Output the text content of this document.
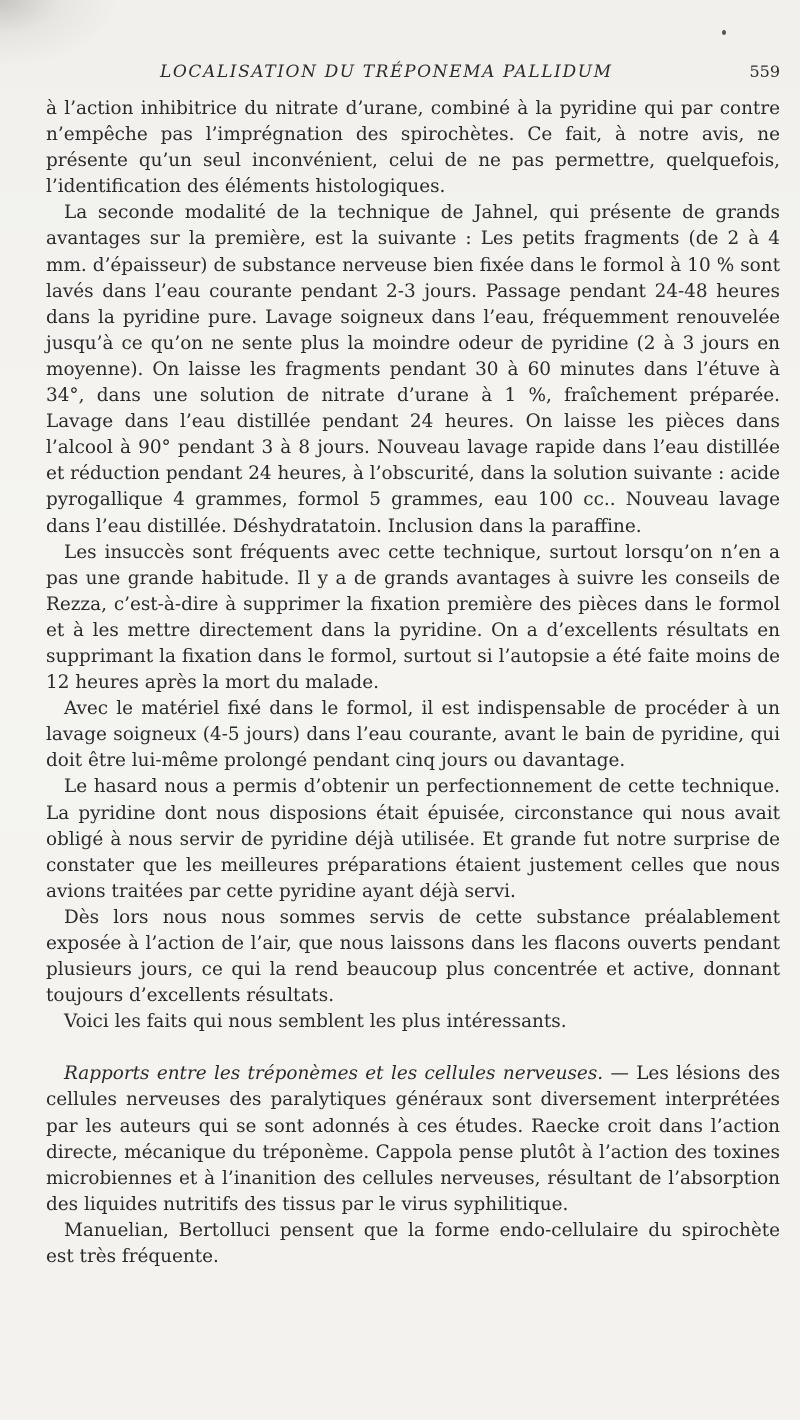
LOCALISATION DU TRÉPONEMA PALLIDUM	559

à l’action inhibitrice du nitrate d’urane, combiné à la pyridine qui par contre n’empêche pas l’imprégnation des spirochètes. Ce fait, à notre avis, ne présente qu’un seul inconvénient, celui de ne pas permettre, quelquefois, l’identification des éléments histologiques.

La seconde modalité de la technique de Jahnel, qui présente de grands avantages sur la première, est la suivante : Les petits fragments (de 2 à 4 mm. d’épaisseur) de substance nerveuse bien fixée dans le formol à 10 % sont lavés dans l’eau courante pendant 2-3 jours. Passage pendant 24-48 heures dans la pyridine pure. Lavage soigneux dans l’eau, fréquemment renouvelée jusqu’à ce qu’on ne sente plus la moindre odeur de pyridine (2 à 3 jours en moyenne). On laisse les fragments pendant 30 à 60 minutes dans l’étuve à 34°, dans une solution de nitrate d’urane à 1 %, fraîchement préparée. Lavage dans l’eau distillée pendant 24 heures. On laisse les pièces dans l’alcool à 90° pendant 3 à 8 jours. Nouveau lavage rapide dans l’eau distillée et réduction pendant 24 heures, à l’obscurité, dans la solution suivante : acide pyrogallique 4 grammes, formol 5 grammes, eau 100 cc.. Nouveau lavage dans l’eau distillée. Déshydratatoin. Inclusion dans la paraffine.

Les insuccès sont fréquents avec cette technique, surtout lorsqu’on n’en a pas une grande habitude. Il y a de grands avantages à suivre les conseils de Rezza, c’est-à-dire à supprimer la fixation première des pièces dans le formol et à les mettre directement dans la pyridine. On a d’excellents résultats en supprimant la fixation dans le formol, surtout si l’autopsie a été faite moins de 12 heures après la mort du malade.

Avec le matériel fixé dans le formol, il est indispensable de procéder à un lavage soigneux (4-5 jours) dans l’eau courante, avant le bain de pyridine, qui doit être lui-même prolongé pendant cinq jours ou davantage.

Le hasard nous a permis d’obtenir un perfectionnement de cette technique. La pyridine dont nous disposions était épuisée, circonstance qui nous avait obligé à nous servir de pyridine déjà utilisée. Et grande fut notre surprise de constater que les meilleures préparations étaient justement celles que nous avions traitées par cette pyridine ayant déjà servi.

Dès lors nous nous sommes servis de cette substance préalablement exposée à l’action de l’air, que nous laissons dans les flacons ouverts pendant plusieurs jours, ce qui la rend beaucoup plus concentrée et active, donnant toujours d’excellents résultats.

Voici les faits qui nous semblent les plus intéressants.

Rapports entre les tréponèmes et les cellules nerveuses. — Les lésions des cellules nerveuses des paralytiques généraux sont diversement interprétées par les auteurs qui se sont adonnés à ces études. Raecke croit dans l’action directe, mécanique du tréponème. Cappola pense plutôt à l’action des toxines microbiennes et à l’inanition des cellules nerveuses, résultant de l’absorption des liquides nutritifs des tissus par le virus syphilitique.

Manuelian, Bertolluci pensent que la forme endo-cellulaire du spirochète est très fréquente.
